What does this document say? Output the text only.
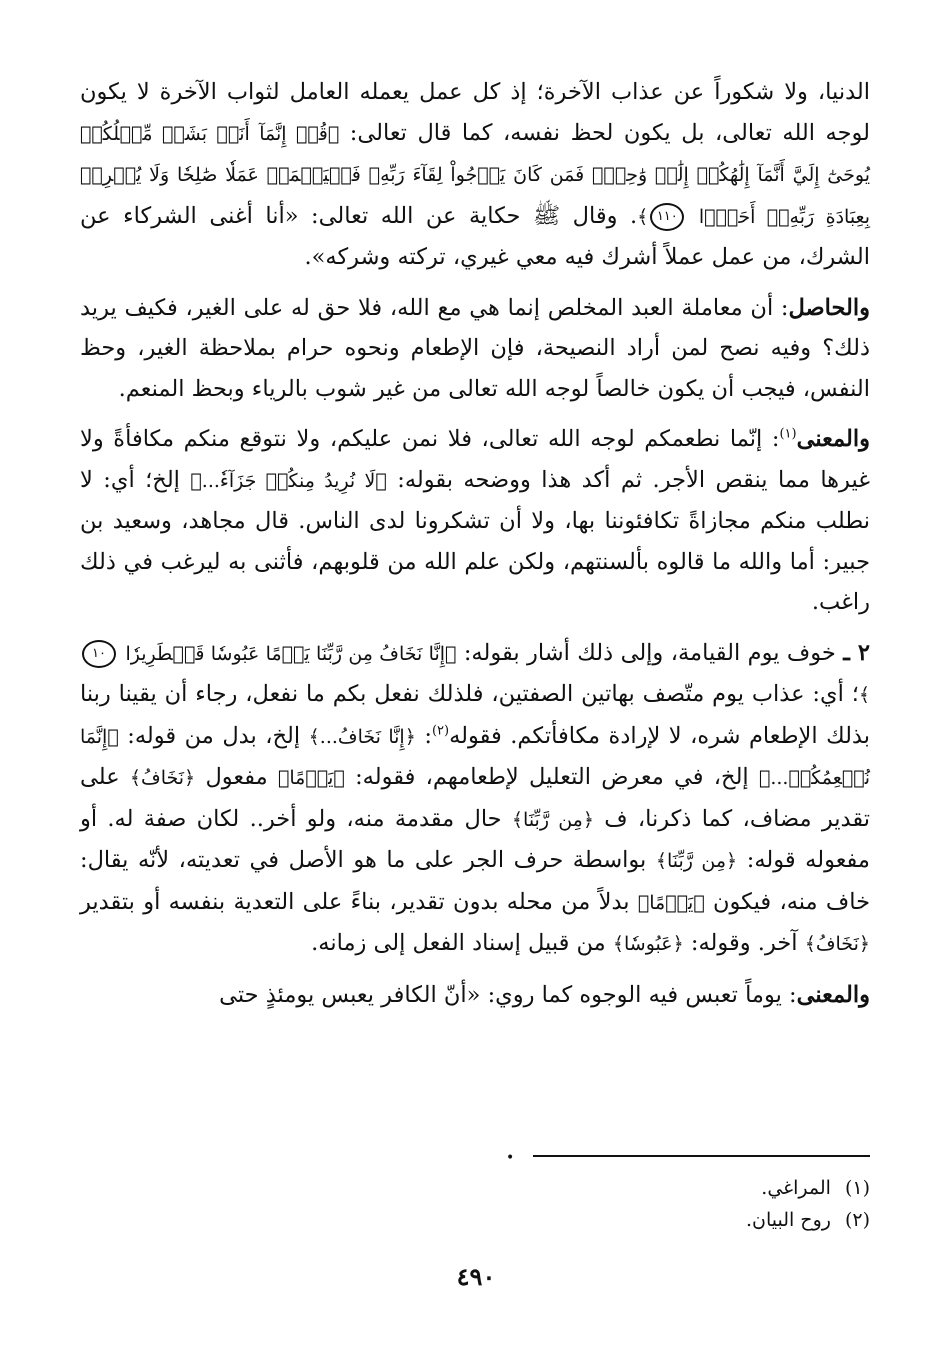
الدنيا، ولا شكوراً عن عذاب الآخرة؛ إذ كل عمل يعمله العامل لثواب الآخرة لا يكون لوجه الله تعالى، بل يكون لحظ نفسه، كما قال تعالى: ﴿قُلۡ إِنَّمَآ أَنَا۠ بَشَرٞ مِّثۡلُكُمۡ يُوحَىٰٓ إِلَيَّ أَنَّمَآ إِلَٰهُكُمۡ إِلَٰهٞ وَٰحِدٞۖ فَمَن كَانَ يَرۡجُواْ لِقَآءَ رَبِّهِۦ فَلۡيَعۡمَلۡ عَمَلٗا صَٰلِحٗا وَلَا يُشۡرِكۡ بِعِبَادَةِ رَبِّهِۦٓ أَحَدَۢا ١١٠﴾. وقال ﷺ حكاية عن الله تعالى: «أنا أغنى الشركاء عن الشرك، من عمل عملاً أشرك فيه معي غيري، تركته وشركه».

والحاصل: أن معاملة العبد المخلص إنما هي مع الله، فلا حق له على الغير، فكيف يريد ذلك؟ وفيه نصح لمن أراد النصيحة، فإن الإطعام ونحوه حرام بملاحظة الغير، وحظ النفس، فيجب أن يكون خالصاً لوجه الله تعالى من غير شوب بالرياء وبحظ المنعم.

والمعنى$^{(١)}$: إنّما نطعمكم لوجه الله تعالى، فلا نمن عليكم، ولا نتوقع منكم مكافأةً ولا غيرها مما ينقص الأجر. ثم أكد هذا ووضحه بقوله: ﴿لَا نُرِيدُ مِنكُمۡ جَزَآءٗ...﴾ إلخ؛ أي: لا نطلب منكم مجازاةً تكافئوننا بها، ولا أن تشكرونا لدى الناس. قال مجاهد، وسعيد بن جبير: أما والله ما قالوه بألسنتهم، ولكن علم الله من قلوبهم، فأثنى به ليرغب في ذلك راغب.

٢ ـ خوف يوم القيامة، وإلى ذلك أشار بقوله: ﴿إِنَّا نَخَافُ مِن رَّبِّنَا يَوۡمًا عَبُوسٗا قَمۡطَرِيرٗا ١٠﴾؛ أي: عذاب يوم متّصف بهاتين الصفتين، فلذلك نفعل بكم ما نفعل، رجاء أن يقينا ربنا بذلك الإطعام شره، لا لإرادة مكافأتكم. فقوله$^{(٢)}$: ﴿إِنَّا نَخَافُ...﴾ إلخ، بدل من قوله: ﴿إِنَّمَا نُطۡعِمُكُمۡ...﴾ إلخ، في معرض التعليل لإطعامهم، فقوله: ﴿يَوۡمًا﴾ مفعول ﴿نَخَافُ﴾ على تقدير مضاف، كما ذكرنا، ف ﴿مِن رَّبِّنَا﴾ حال مقدمة منه، ولو أخر.. لكان صفة له. أو مفعوله قوله: ﴿مِن رَّبِّنَا﴾ بواسطة حرف الجر على ما هو الأصل في تعديته، لأنّه يقال: خاف منه، فيكون ﴿يَوۡمًا﴾ بدلاً من محله بدون تقدير، بناءً على التعدية بنفسه أو بتقدير ﴿نَخَافُ﴾ آخر. وقوله: ﴿عَبُوسٗا﴾ من قبيل إسناد الفعل إلى زمانه.

والمعنى: يوماً تعبس فيه الوجوه كما روي: «أنّ الكافر يعبس يومئذٍ حتى

•

(١)المراغي.

(٢)روح البيان.

٤٩٠
